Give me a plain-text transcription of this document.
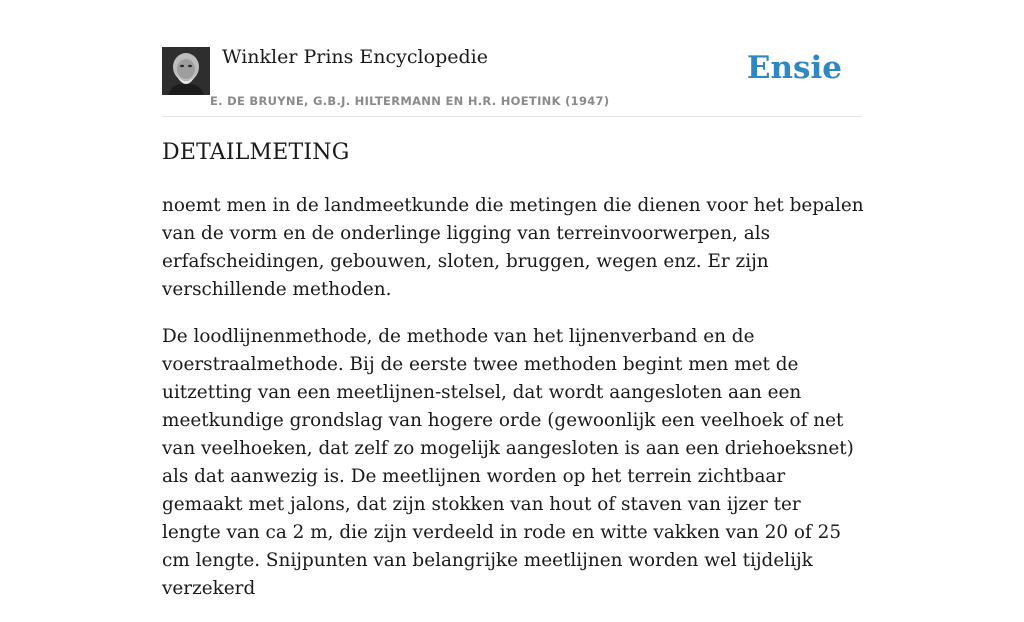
Winkler Prins Encyclopedie
E. DE BRUYNE, G.B.J. HILTERMANN EN H.R. HOETINK (1947)
Ensie
DETAILMETING

noemt men in de landmeetkunde die metingen die dienen voor het bepalen van de vorm en de onderlinge ligging van terreinvoorwerpen, als erfafscheidingen, gebouwen, sloten, bruggen, wegen enz. Er zijn verschillende methoden.

De loodlijnenmethode, de methode van het lijnenverband en de voerstraalmethode. Bij de eerste twee methoden begint men met de uitzetting van een meetlijnen-stelsel, dat wordt aangesloten aan een meetkundige grondslag van hogere orde (gewoonlijk een veelhoek of net van veelhoeken, dat zelf zo mogelijk aangesloten is aan een driehoeksnet) als dat aanwezig is. De meetlijnen worden op het terrein zichtbaar gemaakt met jalons, dat zijn stokken van hout of staven van ijzer ter lengte van ca 2 m, die zijn verdeeld in rode en witte vakken van 20 of 25 cm lengte. Snijpunten van belangrijke meetlijnen worden wel tijdelijk verzekerd
